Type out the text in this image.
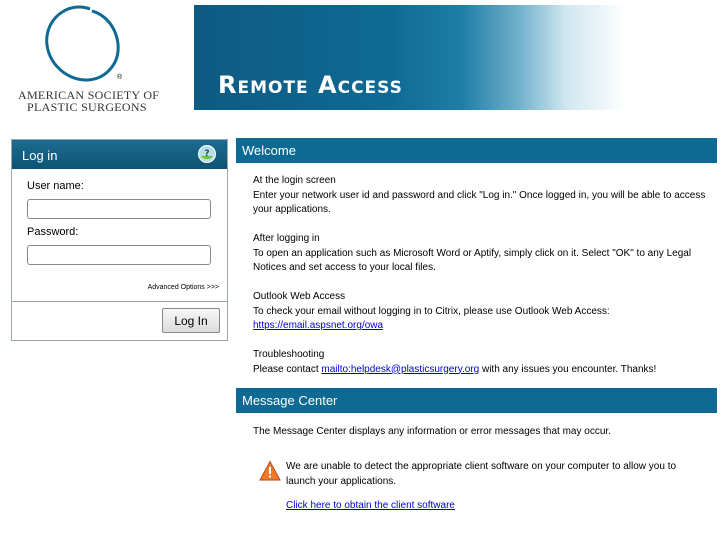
®
AMERICAN SOCIETY OF
PLASTIC SURGEONS
Remote Access
Log in	?
User name:
Password:
Advanced Options >>>
Log In
Welcome
At the login screen
Enter your network user id and password and click "Log in." Once logged in, you will be able to access your applications.
After logging in
To open an application such as Microsoft Word or Aptify, simply click on it. Select "OK" to any Legal Notices and set access to your local files.
Outlook Web Access
To check your email without logging in to Citrix, please use Outlook Web Access:
https://email.aspsnet.org/owa
Troubleshooting
Please contact mailto:helpdesk@plasticsurgery.org with any issues you encounter. Thanks!
Message Center
The Message Center displays any information or error messages that may occur.
We are unable to detect the appropriate client software on your computer to allow you to launch your applications.
Click here to obtain the client software
